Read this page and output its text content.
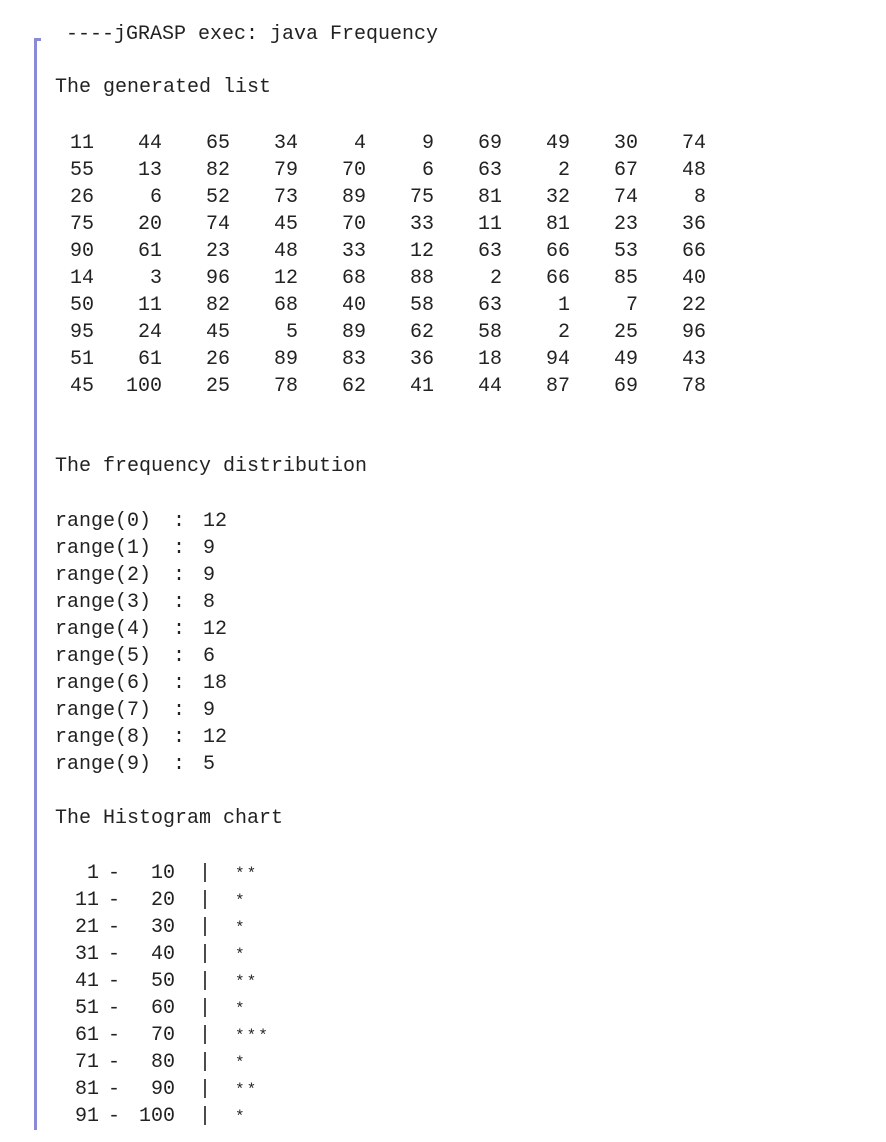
----jGRASP exec: java Frequency
The generated list
11	44	65	34	4	9	69	49	30	74
55	13	82	79	70	6	63	2	67	48
26	6	52	73	89	75	81	32	74	8
75	20	74	45	70	33	11	81	23	36
90	61	23	48	33	12	63	66	53	66
14	3	96	12	68	88	2	66	85	40
50	11	82	68	40	58	63	1	7	22
95	24	45	5	89	62	58	2	25	96
51	61	26	89	83	36	18	94	49	43
45	100	25	78	62	41	44	87	69	78
The frequency distribution
range(0) : 12
range(1) : 9
range(2) : 9
range(3) : 8
range(4) : 12
range(5) : 6
range(6) : 18
range(7) : 9
range(8) : 12
range(9) : 5
The Histogram chart
1 - 10 | **
11 - 20 | *
21 - 30 | *
31 - 40 | *
41 - 50 | **
51 - 60 | *
61 - 70 | ***
71 - 80 | *
81 - 90 | **
91 - 100 | *
